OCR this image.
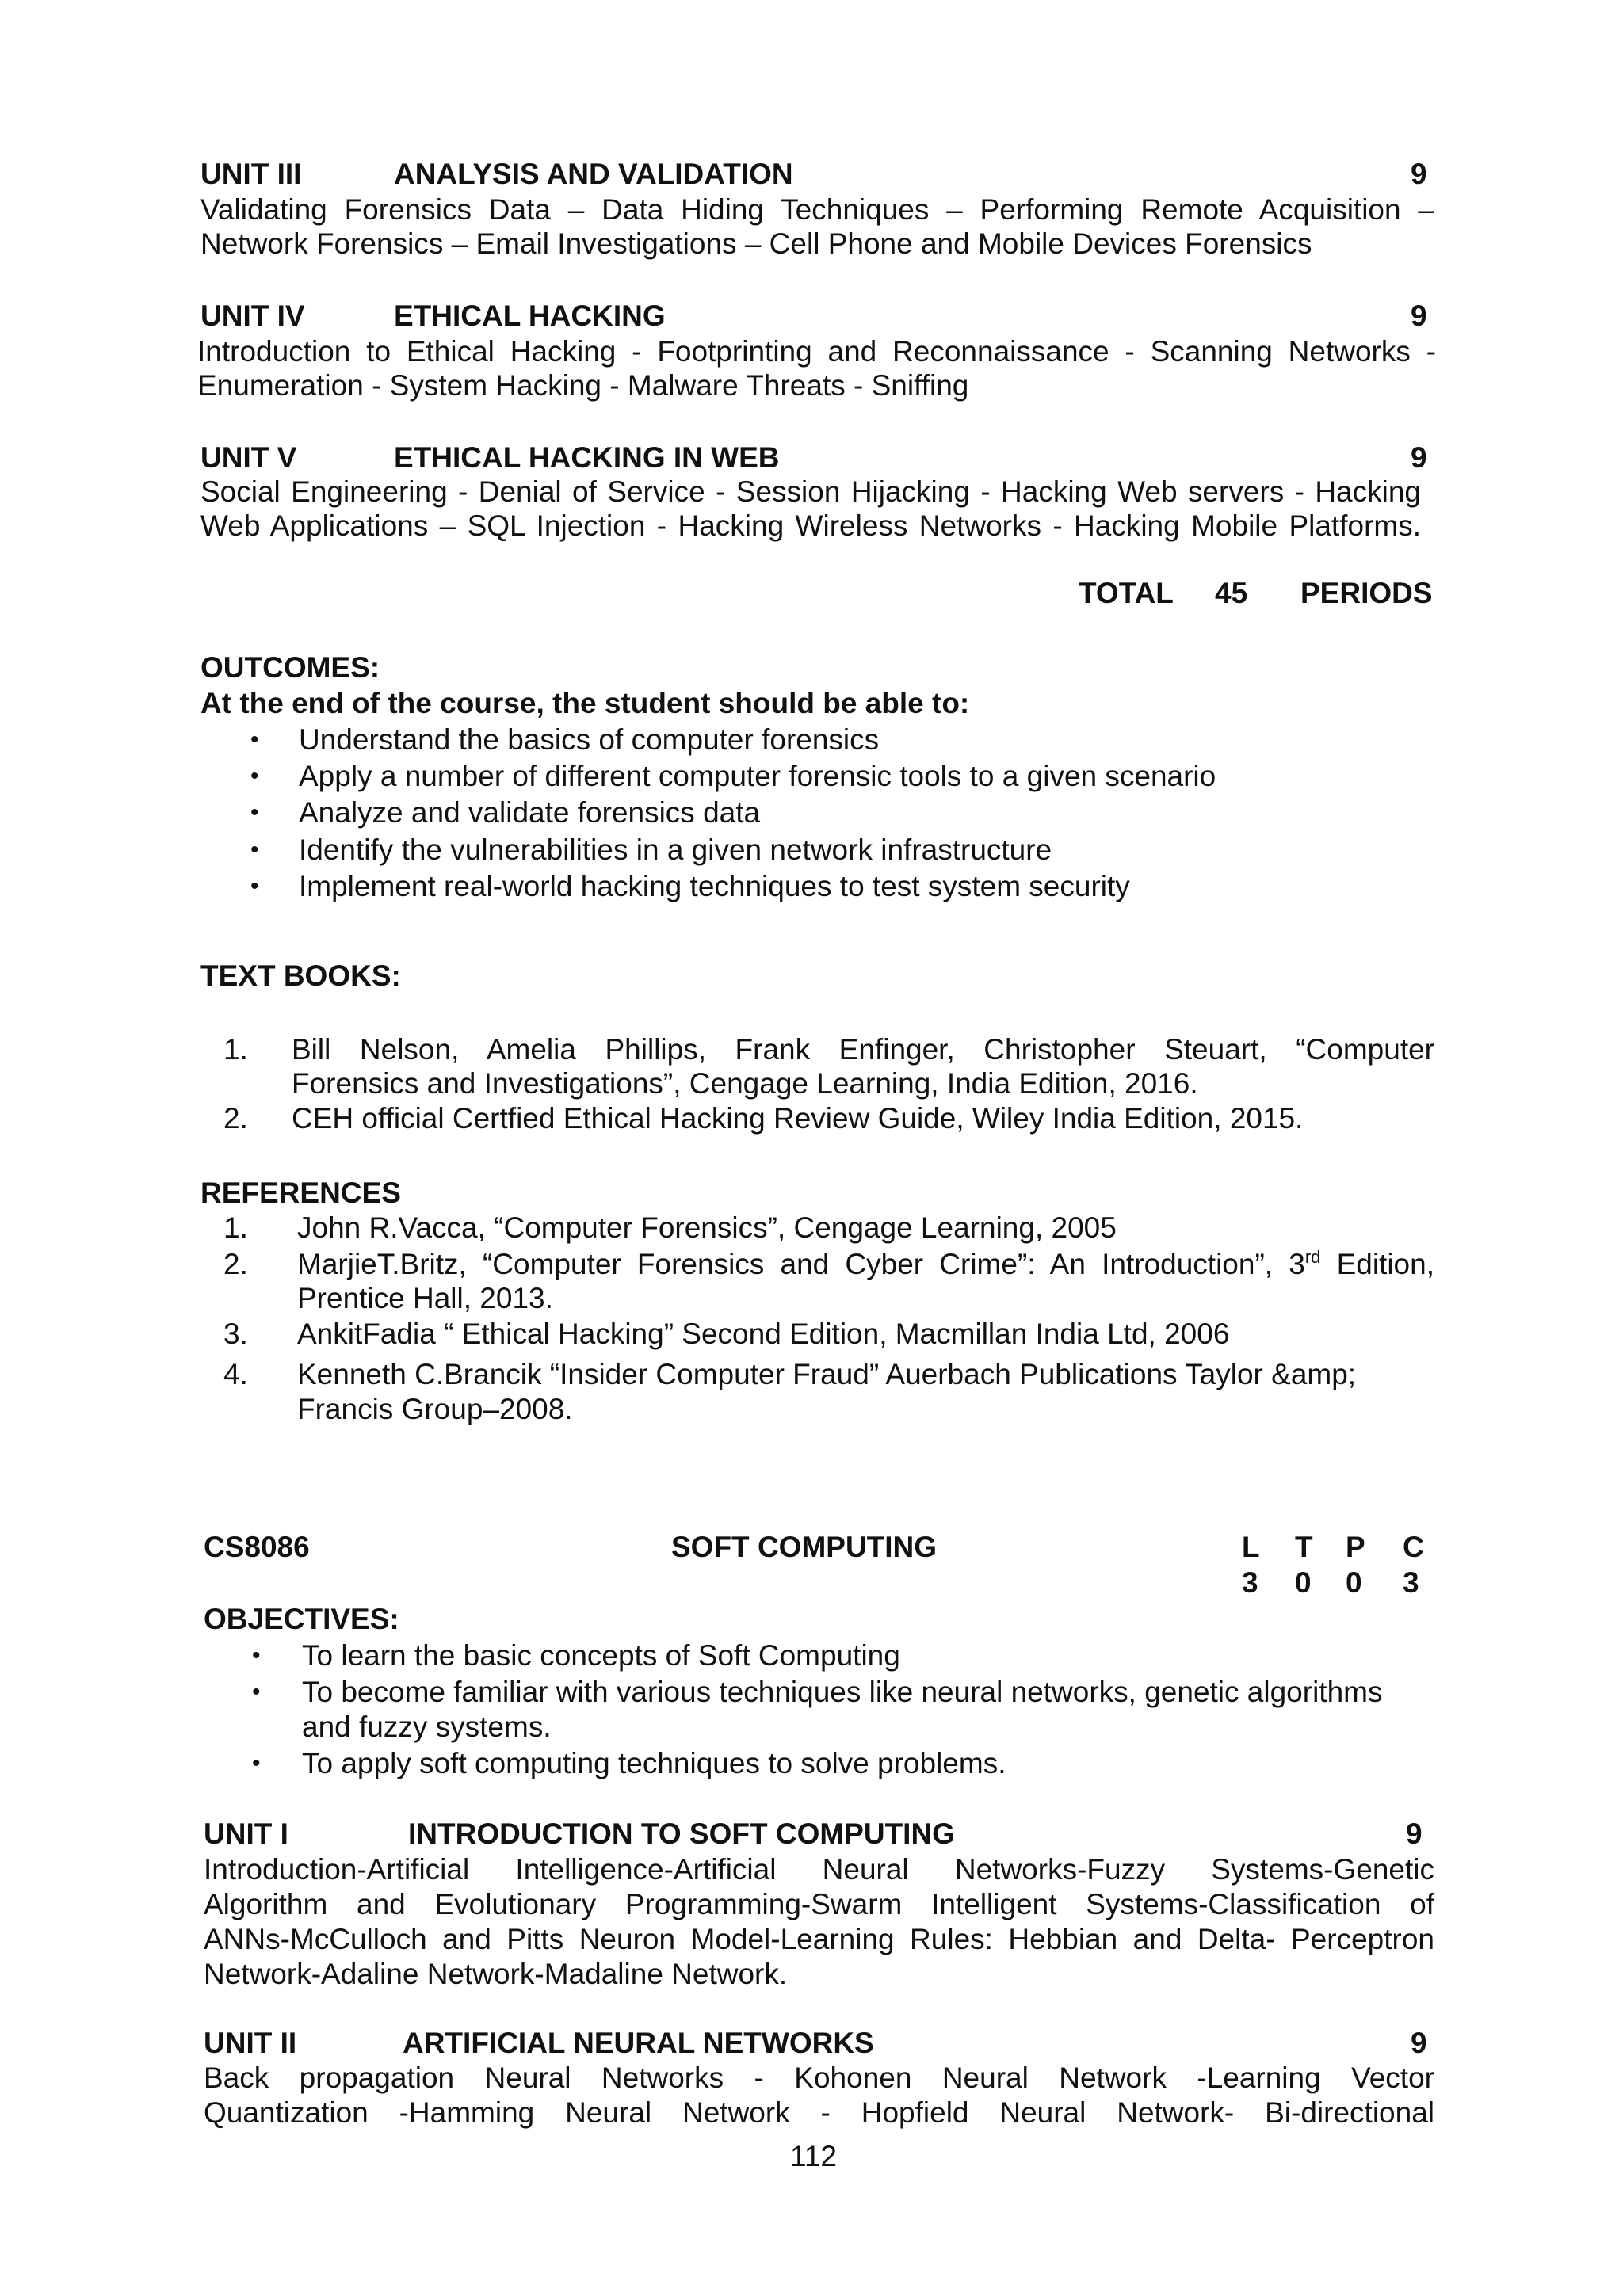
UNIT III	ANALYSIS AND VALIDATION	9
Validating Forensics Data – Data Hiding Techniques – Performing Remote Acquisition –
Network Forensics – Email Investigations – Cell Phone and Mobile Devices Forensics
UNIT IV	ETHICAL HACKING	9
Introduction to Ethical Hacking - Footprinting and Reconnaissance - Scanning Networks -
Enumeration - System Hacking - Malware Threats - Sniffing
UNIT V	ETHICAL HACKING IN WEB	9
Social Engineering - Denial of Service - Session Hijacking - Hacking Web servers - Hacking
Web Applications – SQL Injection - Hacking Wireless Networks - Hacking Mobile Platforms.
TOTAL 45 PERIODS
OUTCOMES:
At the end of the course, the student should be able to:
• Understand the basics of computer forensics
• Apply a number of different computer forensic tools to a given scenario
• Analyze and validate forensics data
• Identify the vulnerabilities in a given network infrastructure
• Implement real-world hacking techniques to test system security
TEXT BOOKS:
1. Bill Nelson, Amelia Phillips, Frank Enfinger, Christopher Steuart, “Computer
Forensics and Investigations”, Cengage Learning, India Edition, 2016.
2. CEH official Certfied Ethical Hacking Review Guide, Wiley India Edition, 2015.
REFERENCES
1. John R.Vacca, “Computer Forensics”, Cengage Learning, 2005
2. MarjieT.Britz, “Computer Forensics and Cyber Crime”: An Introduction”, 3rd Edition,
Prentice Hall, 2013.
3. AnkitFadia “ Ethical Hacking” Second Edition, Macmillan India Ltd, 2006
4. Kenneth C.Brancik “Insider Computer Fraud” Auerbach Publications Taylor &amp;
Francis Group–2008.
CS8086	SOFT COMPUTING	L T P C
3 0 0 3
OBJECTIVES:
• To learn the basic concepts of Soft Computing
• To become familiar with various techniques like neural networks, genetic algorithms
and fuzzy systems.
• To apply soft computing techniques to solve problems.
UNIT I	INTRODUCTION TO SOFT COMPUTING	9
Introduction-Artificial Intelligence-Artificial Neural Networks-Fuzzy Systems-Genetic
Algorithm and Evolutionary Programming-Swarm Intelligent Systems-Classification of
ANNs-McCulloch and Pitts Neuron Model-Learning Rules: Hebbian and Delta- Perceptron
Network-Adaline Network-Madaline Network.
UNIT II	ARTIFICIAL NEURAL NETWORKS	9
Back propagation Neural Networks - Kohonen Neural Network -Learning Vector
Quantization -Hamming Neural Network - Hopfield Neural Network- Bi-directional
112
